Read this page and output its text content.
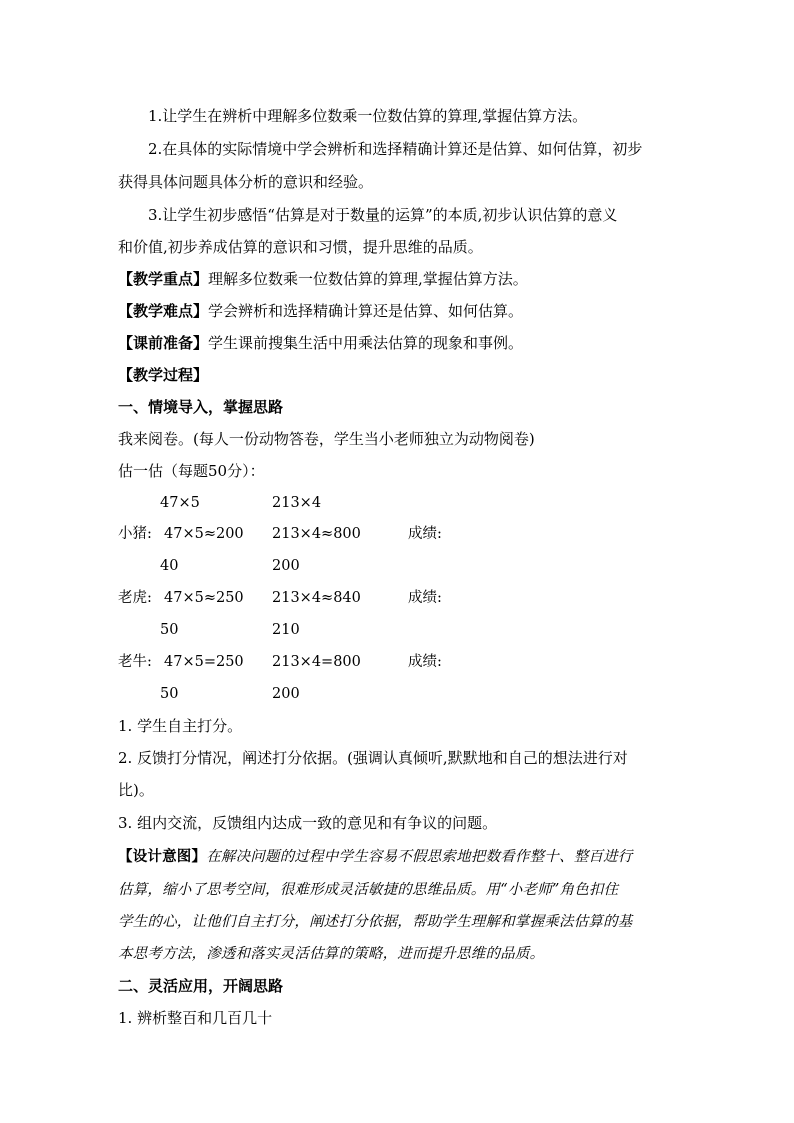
1.让学生在辨析中理解多位数乘一位数估算的算理,掌握估算方法。
2.在具体的实际情境中学会辨析和选择精确计算还是估算、如何估算，初步
获得具体问题具体分析的意识和经验。
3.让学生初步感悟“估算是对于数量的运算”的本质,初步认识估算的意义
和价值,初步养成估算的意识和习惯，提升思维的品质。
【教学重点】理解多位数乘一位数估算的算理,掌握估算方法。
【教学难点】学会辨析和选择精确计算还是估算、如何估算。
【课前准备】学生课前搜集生活中用乘法估算的现象和事例。
【教学过程】
一、情境导入，掌握思路
我来阅卷。(每人一份动物答卷，学生当小老师独立为动物阅卷)
估一估（每题50分）：
47×5	213×4
小猪: 47×5≈200 213×4≈800	成绩:
40	200
老虎: 47×5≈250 213×4≈840	成绩:
50	210
老牛: 47×5=250 213×4=800	成绩:
50	200
1. 学生自主打分。
2. 反馈打分情况，阐述打分依据。(强调认真倾听,默默地和自己的想法进行对
比)。
3. 组内交流，反馈组内达成一致的意见和有争议的问题。
【设计意图】在解决问题的过程中学生容易不假思索地把数看作整十、整百进行
估算，缩小了思考空间，很难形成灵活敏捷的思维品质。用“小老师”角色扣住
学生的心，让他们自主打分，阐述打分依据，帮助学生理解和掌握乘法估算的基
本思考方法，渗透和落实灵活估算的策略，进而提升思维的品质。
二、灵活应用，开阔思路
1. 辨析整百和几百几十
